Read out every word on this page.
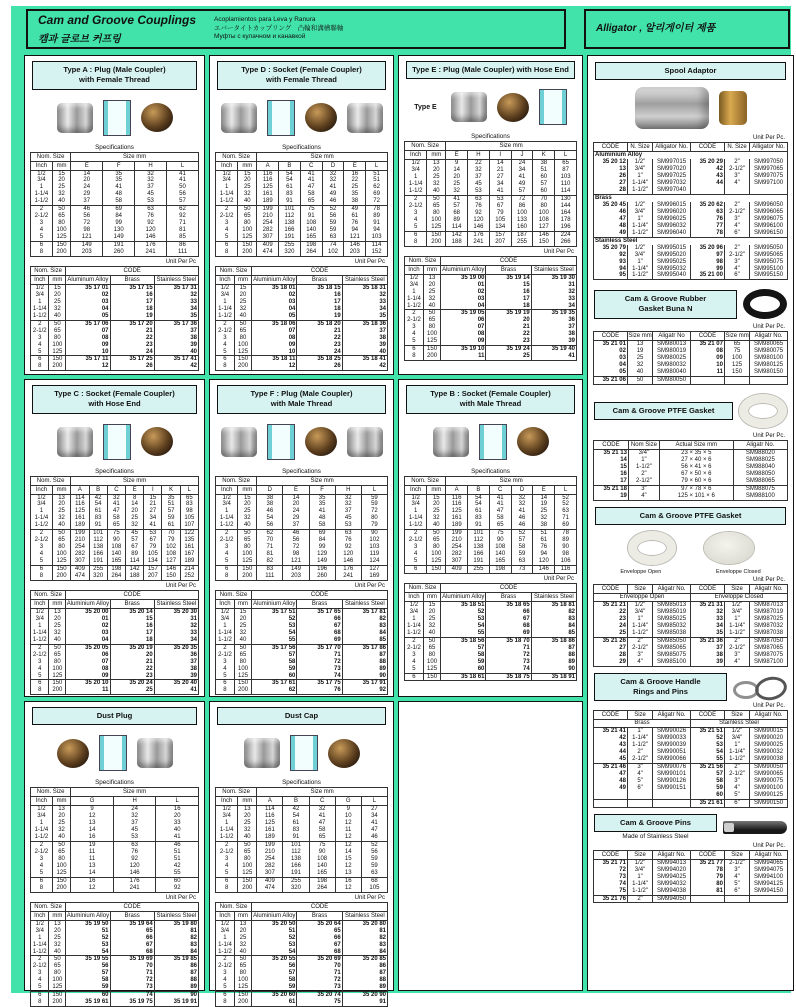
Cam and Groove Couplings
캠과 글로브 커프링
Acoplamientos para Leva y Ranura
エバータイトカップリング　凸輪和溝槽聯軸
Муфты с кулачном и канавкой
Alligator , 알리게이터 제품
Type A : Plug (Male Coupler)
with Female Thread
Specifications
Nom. Size		Size mm			
Inch	mm	E	F	H	L
1/2	15	14	35	32	41
3/4	20	20	35	32	41
1	25	24	41	37	50
1-1/4	32	29	48	45	56
1-1/2	40	37	58	53	57
2	50	46	69	63	62
2-1/2	65	56	84	76	92
3	80	72	99	92	71
4	100	98	130	120	81
5	125	121	149	146	85
6	150	149	191	176	86
8	200	203	260	241	111
Unit Per Pc
Nom. Size		CODE		
Inch	mm	Aluminum Alloy	Brass	Stainless Steel
1/2	15	35 17 01	35 17 15	35 17 31
3/4	20	02	16	32
1	25	03	17	33
1-1/4	32	04	18	34
1-1/2	40	05	19	35
2	50	35 17 06	35 17 20	35 17 36
2-1/2	65	07	21	37
3	80	08	22	38
4	100	09	23	39
5	125	10	24	40
6	150	35 17 11	35 17 25	35 17 41
8	200	12	26	42
Type C : Socket (Female Coupler)
with Hose End
Specifications
Nom. Size		Size mm						
Inch	mm	A	B	C	E	I	K	L
1/2	13	114	42	32	8	15	35	65
3/4	20	116	54	41	14	21	51	83
1	25	125	61	47	20	27	57	98
1-1/4	32	161	83	58	25	34	59	105
1-1/2	40	189	91	65	32	41	61	107
2	50	199	101	75	45	53	70	122
2-1/2	65	210	112	90	57	67	79	135
3	80	254	138	108	67	79	102	161
4	100	282	166	140	89	105	108	167
5	125	307	191	165	114	134	127	189
6	150	409	255	198	142	157	146	214
8	200	474	320	264	188	207	150	252
Unit Per Pc
Nom. Size		CODE		
Inch	mm	Aluminium Alloy	Brass	Stainless Steel
1/2	13	35 20 00	35 20 14	35 20 30
3/4	20	01	15	31
1	25	02	16	32
1-1/4	32	03	17	33
1-1/2	40	04	18	34
2	50	35 20 05	35 20 19	35 20 35
2-1/2	65	06	20	36
3	80	07	21	37
4	100	08	22	38
5	125	09	23	39
6	150	35 20 10	35 20 24	35 20 40
8	200	11	25	41
Dust Plug
Specifications
Nom. Size		Size mm		
Inch	mm	G	H	L
1/2	13	9	24	16
3/4	20	12	32	20
1	25	13	37	33
1-1/4	32	14	45	40
1-1/2	40	16	53	41
2	50	19	63	46
2-1/2	65	11	76	51
3	80	11	92	51
4	100	13	120	42
5	125	14	146	55
6	150	16	176	60
8	200	12	241	92
Unit Per Pc
Nom. Size		CODE		
Inch	mm	Aluminium Alloy	Brass	Stainless Steel
1/2	13	35 19 50	35 19 64	35 19 80
3/4	20	51	65	81
1	25	52	66	82
1-1/4	32	53	67	83
1-1/2	40	54	68	84
2	50	35 19 55	35 19 69	35 19 85
2-1/2	65	56	70	86
3	80	57	71	87
4	100	58	72	88
5	125	59	73	89
6	150	60	74	90
8	200	35 19 61	35 19 75	35 19 91
Type D : Socket (Female Coupler)
with Female Thread
Specifications
Nom. Size		Size mm					
Inch	mm	A	B	C	D	E	L
1/2	15	116	54	41	32	16	51
3/4	20	116	54	41	32	22	51
1	25	125	61	47	41	25	62
1-1/4	32	161	83	58	49	35	69
1-1/2	40	189	91	65	46	38	72
2	50	199	101	75	52	49	78
2-1/2	65	210	112	91	56	61	89
3	80	254	138	108	59	76	91
4	100	282	166	140	59	94	94
5	125	307	191	165	63	121	103
6	150	409	255	198	74	146	114
8	200	474	320	264	102	203	152
Unit Per Pc
Nom. Size		CODE		
Inch	mm	Aluminium Alloy	Brass	Stainless Steel
1/2	15	35 18 01	35 18 15	35 18 31
3/4	20	02	16	32
1	25	03	17	33
1-1/4	32	04	18	34
1-1/2	40	05	19	35
2	50	35 18 06	35 18 20	35 18 36
2-1/2	65	07	21	37
3	80	08	22	38
4	100	09	23	39
5	125	10	24	40
6	150	35 18 11	35 18 25	35 18 41
8	200	12	26	42
Type F : Plug (Male Coupler)
with Male Thread
Specifications
Nom. Size		Size mm				
Inch	mm	D	E	F	H	L
1/2	15	38	14	35	32	59
3/4	20	38	20	35	32	59
1	25	46	24	41	37	72
1-1/4	32	54	29	48	45	80
1-1/2	40	56	37	58	53	79
2	50	62	46	69	63	90
2-1/2	65	70	56	84	76	102
3	80	71	72	99	92	103
4	100	81	98	129	120	119
5	125	82	121	149	146	124
6	150	83	149	196	176	127
8	200	111	203	260	241	169
Unit Per Pc
Nom. Size		CODE		
Inch	mm	Aluminium Alloy	Brass	Stainless Steel
1/2	15	35 17 51	35 17 65	35 17 81
3/4	20	52	66	82
1	25	53	67	83
1-1/4	32	54	68	84
1-1/2	40	55	69	85
2	50	35 17 56	35 17 70	35 17 86
2-1/2	65	57	71	87
3	80	58	72	88
4	100	59	73	89
5	125	60	74	90
6	150	35 17 61	35 17 75	35 17 91
8	200	62	76	92
Dust Cap
Specifications
Nom. Size		Size mm				
Inch	mm	A	B	C	G	L
1/2	13	114	42	32	9	27
3/4	20	116	54	41	10	34
1	25	125	61	47	12	41
1-1/4	32	161	83	58	11	47
1-1/2	40	189	91	65	12	46
2	50	199	101	75	12	52
2-1/2	65	210	112	90	14	56
3	80	254	138	108	15	59
4	100	282	166	140	12	59
5	125	307	191	165	13	63
6	150	409	255	198	16	68
8	200	474	320	264	12	105
Unit Per Pc
Nom. Size		CODE		
Inch	mm	Aluminium Alloy	Brass	Stainless Steel
1/2	13	35 20 50	35 20 64	35 20 80
3/4	20	51	65	81
1	25	52	66	82
1-1/4	32	53	67	83
1-1/2	40	54	68	84
2	50	35 20 55	35 20 69	35 20 85
2-1/2	65	56	70	86
3	80	57	71	87
4	100	58	72	88
5	125	59	73	89
6	150	35 20 60	35 20 74	35 20 90
8	200	61	75	91
Type E : Plug (Male Coupler) with Hose End
Type E
Specifications
Nom. Size		Size mm					
Inch	mm	E	H	I	J	K	L
1/2	13	9	22	14	24	38	65
3/4	20	14	32	21	34	51	87
1	25	20	37	27	41	60	103
1-1/4	32	25	45	34	49	57	110
1-1/2	40	32	53	41	57	60	114
2	50	41	63	53	72	70	130
2-1/2	65	57	76	67	86	80	144
3	80	68	92	79	100	100	164
4	100	89	120	105	133	108	178
5	125	114	146	134	160	127	196
6	150	142	176	157	187	146	224
8	200	188	241	207	255	150	266
Unit Per Pc
Nom. Size		CODE		
Inch	mm	Aluminium Alloy	Brass	Stainless Steel
1/2	13	35 19 00	35 19 14	35 19 30
3/4	20	01	15	31
1	25	02	16	32
1-1/4	32	03	17	33
1-1/2	40	04	18	34
2	50	35 19 05	35 19 19	35 19 35
2-1/2	65	06	20	36
3	80	07	21	37
4	100	08	22	38
5	125	09	23	39
6	150	35 19 10	35 19 24	35 19 40
8	200	11	25	41
Type B : Socket (Female Coupler)
with Male Thread
Specifications
Nom. Size		Size mm					
Inch	mm	A	B	C	D	E	L
1/2	15	116	54	41	32	14	52
3/4	20	116	54	41	32	19	52
1	25	125	61	47	41	25	63
1-1/4	32	161	83	58	46	32	71
1-1/2	40	189	91	65	46	38	69
2	50	199	101	75	52	51	78
2-1/2	65	210	112	90	57	61	89
3	80	254	138	108	58	76	90
4	100	282	166	140	59	94	98
5	125	307	191	165	63	120	106
6	150	409	255	198	73	146	116
Unit Per Pc
Nom. Size		CODE		
Inch	mm	Aluminium Alloy	Brass	Stainless Steel
1/2	15	35 18 51	35 18 65	35 18 81
3/4	20	52	66	82
1	25	53	67	83
1-1/4	32	54	68	84
1-1/2	40	55	69	85
2	50	35 18 56	35 18 70	35 18 86
2-1/2	65	57	71	87
3	80	58	72	88
4	100	59	73	89
5	125	60	74	90
6	150	35 18 61	35 18 75	35 18 91
Spool Adaptor
Unit Per Pc.
CODE	N. Size	Alligator No.	CODE	N. Size	Alligator No.
Aluminium Alloy					
35 20 12	1/2"	SM997015	35 20 29	2"	SM997050
13	3/4"	SM997020	42	2-1/2"	SM997065
26	1"	SM997025	43	3"	SM997075
27	1-1/4"	SM997032	44	4"	SM997100
28	1-1/2"	SM997040			
Brass					
35 20 45	1/2"	SM996015	35 20 62	2"	SM996050
46	3/4"	SM996020	63	2-1/2"	SM996065
47	1"	SM996025	76	3"	SM996075
48	1-1/4"	SM996032	77	4"	SM996100
49	1-1/2"	SM996040	78	6"	SM996150
Stainless Steel					
35 20 79	1/2"	SM995015	35 20 96	2"	SM995050
92	3/4"	SM995020	97	2-1/2"	SM995065
93	1"	SM995025	98	3"	SM995075
94	1-1/4"	SM995032	99	4"	SM995100
95	1-1/2"	SM995040	35 21 00	6"	SM995150
Cam & Groove Rubber
Gasket Buna N
Unit Per Pc.
CODE	Size mm	Aligatr No	CODE	Size mm	Aligatr No.
35 21 01	13	SM980013	35 21 07	65	SM980065
02	19	SM980019	08	75	SM980075
03	25	SM980025	09	100	SM980100
04	32	SM980032	10	125	SM980125
05	40	SM980040	11	150	SM980150
35 21 06	50	SM980050			
Cam & Groove PTFE Gasket
Unit Per Pc.
CODE	Nom Size	Actual Size mm	Aligatr No.
35 21 13	3/4"	23 × 35 × 5	SM988020
14	1"	27 × 40 × 6	SM988025
15	1-1/2"	56 × 41 × 6	SM988040
16	2"	67 × 50 × 6	SM988050
17	2-1/2"	79 × 60 × 6	SM988065
35 21 18	3"	97 × 78 × 6	SM988075
19	4"	125 × 101 × 6	SM988100
Cam & Groove PTFE Gasket
Enveloppe Open	Enveloppe Closed
Unit Per Pc.
CODE	Size	Aligatr No.	CODE	Size	Aligatr No.
Enveloppe Open			Enveloppe Closed		
35 21 21	1/2"	SM985013	35 21 31	1/2"	SM987013
22	3/4"	SM985019	32	3/4"	SM987019
23	1"	SM985025	33	1"	SM987025
24	1-1/4"	SM985032	34	1-1/4"	SM987032
25	1-1/2"	SM985038	35	1-1/2"	SM987038
35 21 26	2"	SM985050	35 21 36	2"	SM987050
27	2-1/2"	SM985065	37	2-1/2"	SM987065
28	3"	SM985075	38	3"	SM987075
29	4"	SM985100	39	4"	SM987100
Cam & Groove Handle
Rings and Pins
Unit Per Pc.
CODE	Size	Aligatr No.	CODE	Size	Aligatr No.
Brass			Stainless Steel		
35 21 41	1"	SM990026	35 21 51	1/2"	SM990015
42	1-1/4"	SM990033	52	3/4"	SM990020
43	1-1/2"	SM990039	53	1"	SM990025
44	2"	SM990051	54	1-1/4"	SM990032
45	2-1/2"	SM990066	55	1-1/2"	SM990038
35 21 46	3"	SM990076	35 21 56	2"	SM990050
47	4"	SM990101	57	2-1/2"	SM990065
48	5"	SM990126	58	3"	SM990075
49	6"	SM990151	59	4"	SM990100
			60	5"	SM990125
			35 21 61	6"	SM990150
Cam & Groove Pins
Made of Stainless Steel
Unit Per Pc.
CODE	Size	Aligatr No.	CODE	Size	Aligatr No.
35 21 71	1/2"	SM994013	35 21 77	2-1/2"	SM994065
72	3/4"	SM994020	78	3"	SM994075
73	1"	SM994025	79	4"	SM994100
74	1-1/4"	SM994032	80	5"	SM994125
75	1-1/2"	SM994038	81	6"	SM994150
35 21 76	2"	SM994050			
